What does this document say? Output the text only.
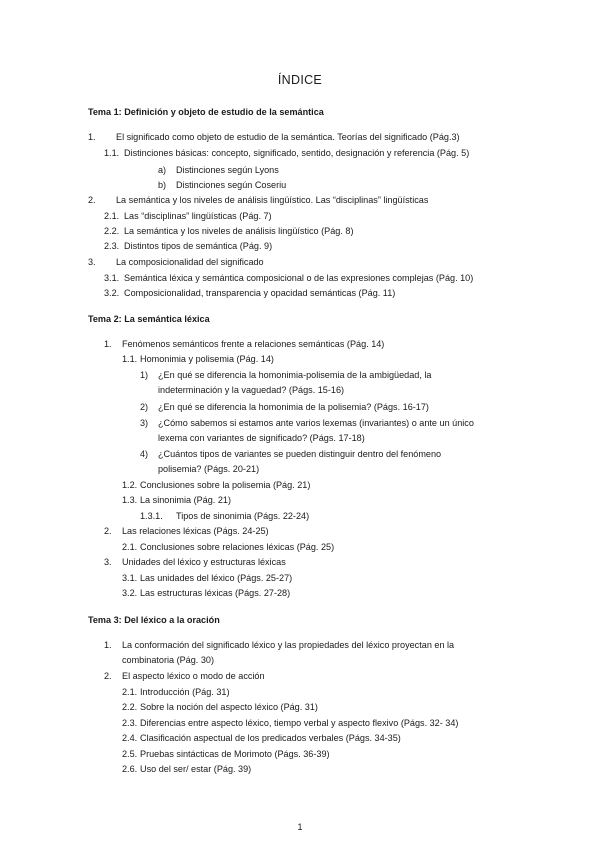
ÍNDICE

Tema 1: Definición y objeto de estudio de la semántica

1. El significado como objeto de estudio de la semántica. Teorías del significado (Pág.3)

1.1. Distinciones básicas: concepto, significado, sentido, designación y referencia (Pág. 5)

a) Distinciones según Lyons

b) Distinciones según Coseriu

2. La semántica y los niveles de análisis lingüístico. Las “disciplinas” lingüísticas

2.1. Las “disciplinas” lingüísticas (Pág. 7)

2.2. La semántica y los niveles de análisis lingüístico (Pág. 8)

2.3. Distintos tipos de semántica (Pág. 9)

3. La composicionalidad del significado

3.1. Semántica léxica y semántica composicional o de las expresiones complejas (Pág. 10)

3.2. Composicionalidad, transparencia y opacidad semánticas (Pág. 11)

Tema 2: La semántica léxica

1. Fenómenos semánticos frente a relaciones semánticas (Pág. 14)

1.1. Homonimia y polisemia (Pág. 14)

1) ¿En qué se diferencia la homonimia-polisemia de la ambigüedad, la

indeterminación y la vaguedad? (Págs. 15-16)

2) ¿En qué se diferencia la homonimia de la polisemia? (Págs. 16-17)

3) ¿Cómo sabemos si estamos ante varios lexemas (invariantes) o ante un único

lexema con variantes de significado? (Págs. 17-18)

4) ¿Cuántos tipos de variantes se pueden distinguir dentro del fenómeno

polisemia? (Págs. 20-21)

1.2. Conclusiones sobre la polisemia (Pág. 21)

1.3. La sinonimia (Pág. 21)

1.3.1. Tipos de sinonimia (Págs. 22-24)

2. Las relaciones léxicas (Págs. 24-25)

2.1. Conclusiones sobre relaciones léxicas (Pág. 25)

3. Unidades del léxico y estructuras léxicas

3.1. Las unidades del léxico (Págs. 25-27)

3.2. Las estructuras léxicas (Págs. 27-28)

Tema 3: Del léxico a la oración

1. La conformación del significado léxico y las propiedades del léxico proyectan en la

combinatoria (Pág. 30)

2. El aspecto léxico o modo de acción

2.1. Introducción (Pág. 31)

2.2. Sobre la noción del aspecto léxico (Pág. 31)

2.3. Diferencias entre aspecto léxico, tiempo verbal y aspecto flexivo (Págs. 32- 34)

2.4. Clasificación aspectual de los predicados verbales (Págs. 34-35)

2.5. Pruebas sintácticas de Morimoto (Págs. 36-39)

2.6. Uso del ser/ estar (Pág. 39)

1
